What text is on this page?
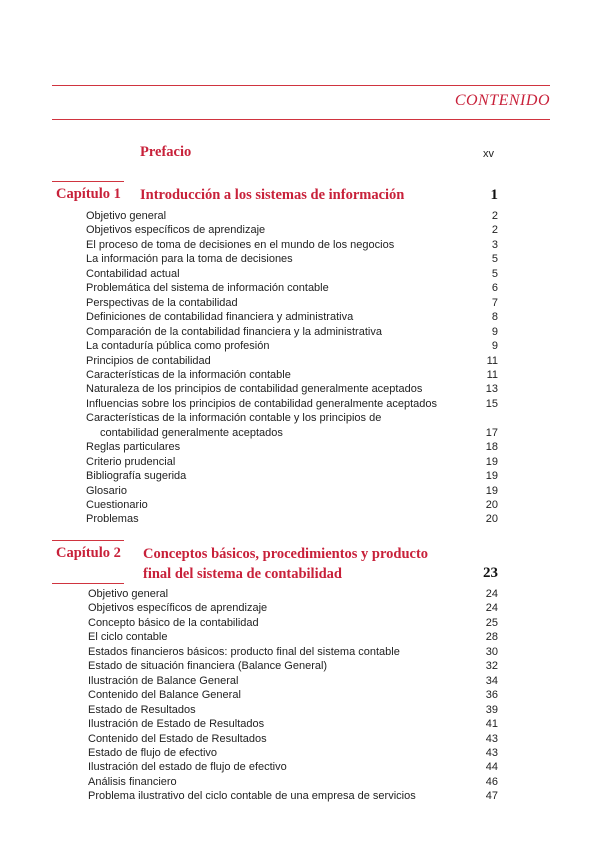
CONTENIDO
Prefacio	xv
Capítulo 1 Introducción a los sistemas de información	1
Objetivo general	2
Objetivos específicos de aprendizaje	2
El proceso de toma de decisiones en el mundo de los negocios	3
La información para la toma de decisiones	5
Contabilidad actual	5
Problemática del sistema de información contable	6
Perspectivas de la contabilidad	7
Definiciones de contabilidad financiera y administrativa	8
Comparación de la contabilidad financiera y la administrativa	9
La contaduría pública como profesión	9
Principios de contabilidad	11
Características de la información contable	11
Naturaleza de los principios de contabilidad generalmente aceptados	13
Influencias sobre los principios de contabilidad generalmente aceptados	15
Características de la información contable y los principios de
contabilidad generalmente aceptados	17
Reglas particulares	18
Criterio prudencial	19
Bibliografía sugerida	19
Glosario	19
Cuestionario	20
Problemas	20
Capítulo 2 Conceptos básicos, procedimientos y producto final del sistema de contabilidad	23
Objetivo general	24
Objetivos específicos de aprendizaje	24
Concepto básico de la contabilidad	25
El ciclo contable	28
Estados financieros básicos: producto final del sistema contable	30
Estado de situación financiera (Balance General)	32
Ilustración de Balance General	34
Contenido del Balance General	36
Estado de Resultados	39
Ilustración de Estado de Resultados	41
Contenido del Estado de Resultados	43
Estado de flujo de efectivo	43
Ilustración del estado de flujo de efectivo	44
Análisis financiero	46
Problema ilustrativo del ciclo contable de una empresa de servicios	47
